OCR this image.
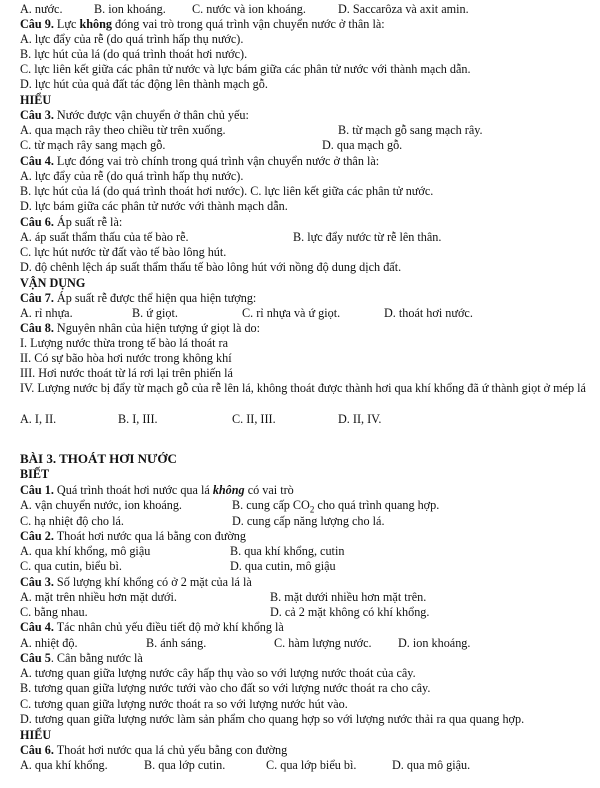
A. nước.	B. ion khoáng. C. nước và ion khoáng.	D. Saccarôza và axit amin.
Câu 9. Lực không đóng vai trò trong quá trình vận chuyển nước ở thân là:
A. lực đẩy của rễ (do quá trình hấp thụ nước).
B. lực hút của lá (do quá trình thoát hơi nước).
C. lực liên kết giữa các phân tử nước và lực bám giữa các phân tử nước với thành mạch dẫn.
D. lực hút của quả đất tác động lên thành mạch gỗ.
HIỂU
Câu 3. Nước được vận chuyển ở thân chủ yếu:
A. qua mạch rây theo chiều từ trên xuống.	B. từ mạch gỗ sang mạch rây.
C. từ mạch rây sang mạch gỗ.	D. qua mạch gỗ.
Câu 4. Lực đóng vai trò chính trong quá trình vận chuyển nước ở thân là:
A. lực đẩy của rễ (do quá trình hấp thụ nước).
B. lực hút của lá (do quá trình thoát hơi nước). C. lực liên kết giữa các phân tử nước.
D. lực bám giữa các phân tử nước với thành mạch dẫn.
Câu 6. Áp suất rễ là:
A. áp suất thẩm thấu của tế bào rễ.	B. lực đẩy nước từ rễ lên thân.
C. lực hút nước từ đất vào tế bào lông hút.
D. độ chênh lệch áp suất thẩm thấu tế bào lông hút với nồng độ dung dịch đất.
VẬN DỤNG
Câu 7. Áp suất rễ được thể hiện qua hiện tượng:
A. rỉ nhựa.	B. ứ giọt.	C. rỉ nhựa và ứ giọt.	D. thoát hơi nước.
Câu 8. Nguyên nhân của hiện tượng ứ giọt là do:
I. Lượng nước thừa trong tế bào lá thoát ra
II. Có sự bão hòa hơi nước trong không khí
III. Hơi nước thoát từ lá rơi lại trên phiến lá
IV. Lượng nước bị đẩy từ mạch gỗ của rễ lên lá, không thoát được thành hơi qua khí khổng đã ứ thành giọt ở mép lá
A. I, II.	B. I, III.	C. II, III.	D. II, IV.
BÀI 3. THOÁT HƠI NƯỚC
BIẾT
Câu 1. Quá trình thoát hơi nước qua lá không có vai trò
A. vận chuyển nước, ion khoáng.	B. cung cấp $CO_2$ cho quá trình quang hợp.
C. hạ nhiệt độ cho lá.	D. cung cấp năng lượng cho lá.
Câu 2. Thoát hơi nước qua lá bằng con đường
A. qua khí khổng, mô giậu	B. qua khí khổng, cutin
C. qua cutin, biểu bì.	D. qua cutin, mô giậu
Câu 3. Số lượng khí khổng có ở 2 mặt của lá là
A. mặt trên nhiều hơn mặt dưới.	B. mặt dưới nhiều hơn mặt trên.
C. bằng nhau.	D. cả 2 mặt không có khí khổng.
Câu 4. Tác nhân chủ yếu điều tiết độ mở khí khổng là
A. nhiệt độ.	B. ánh sáng.	C. hàm lượng nước. D. ion khoáng.
Câu 5. Cân bằng nước là
A. tương quan giữa lượng nước cây hấp thụ vào so với lượng nước thoát của cây.
B. tương quan giữa lượng nước tưới vào cho đất so với lượng nước thoát ra cho cây.
C. tương quan giữa lượng nước thoát ra so với lượng nước hút vào.
D. tương quan giữa lượng nước làm sản phẩm cho quang hợp so với lượng nước thải ra qua quang hợp.
HIỂU
Câu 6. Thoát hơi nước qua lá chủ yếu bằng con đường
A. qua khí khổng.	B. qua lớp cutin.	C. qua lớp biểu bì.	D. qua mô giậu.
